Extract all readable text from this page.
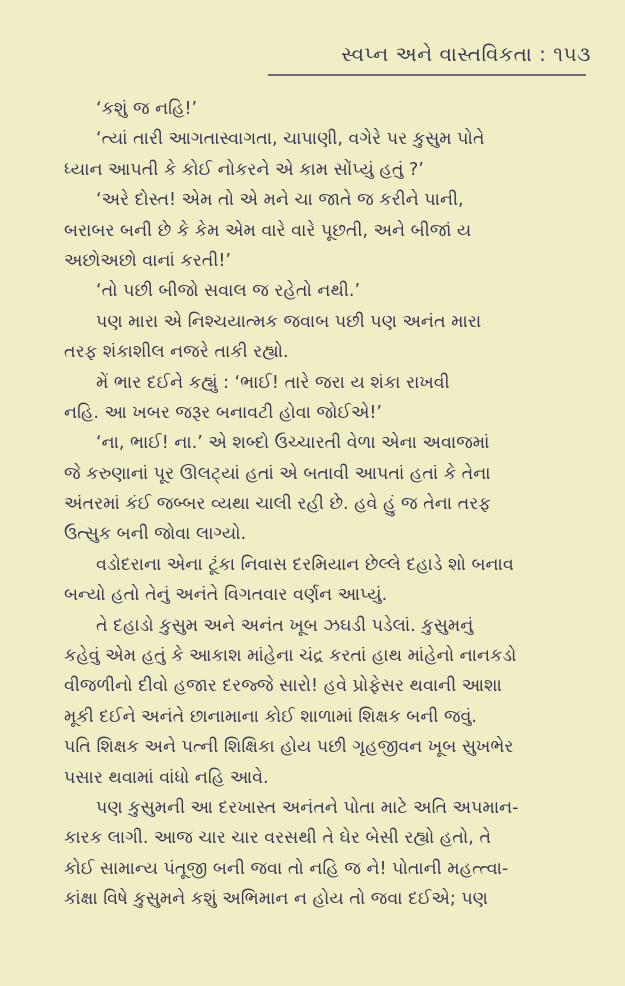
સ્વપ્ન અને વાસ્તવિકતા : ૧૫૩
‘કશું જ નહિ!’
‘ત્યાં તારી આગતાસ્વાગતા, ચાપાણી, વગેરે પર કુસુમ પોતે
ધ્યાન આપતી કે કોઈ નોકરને એ કામ સોંપ્યું હતું ?’
‘અરે દોસ્ત! એમ તો એ મને ચા જાતે જ કરીને પાની,
બરાબર બની છે કે કેમ એમ વારે વારે પૂછતી, અને બીજાં ય
અછોઅછો વાનાં કરતી!’
‘તો પછી બીજો સવાલ જ રહેતો નથી.’
પણ મારા એ નિશ્ચયાત્મક જવાબ પછી પણ અનંત મારા
તરફ શંકાશીલ નજરે તાકી રહ્યો.
મેં ભાર દઈને કહ્યું : ‘ભાઈ! તારે જરા ય શંકા રાખવી
નહિ. આ ખબર જરૂર બનાવટી હોવા જોઈએ!’
‘ના, ભાઈ! ના.’ એ શબ્દો ઉચ્ચારતી વેળા એના અવાજમાં
જે કરુણાનાં પૂર ઊલટ્યાં હતાં એ બતાવી આપતાં હતાં કે તેના
અંતરમાં કંઈ જબ્બર વ્યથા ચાલી રહી છે. હવે હું જ તેના તરફ
ઉત્સુક બની જોવા લાગ્યો.
વડોદરાના એના ટૂંકા નિવાસ દરમિયાન છેલ્લે દહાડે શો બનાવ
બન્યો હતો તેનું અનંતે વિગતવાર વર્ણન આપ્યું.
તે દહાડો કુસુમ અને અનંત ખૂબ ઝઘડી પડેલાં. કુસુમનું
કહેવું એમ હતું કે આકાશ માંહેના ચંદ્ર કરતાં હાથ માંહેનો નાનકડો
વીજળીનો દીવો હજાર દરજ્જે સારો! હવે પ્રોફેસર થવાની આશા
મૂકી દઈને અનંતે છાનામાના કોઈ શાળામાં શિક્ષક બની જવું.
પતિ શિક્ષક અને પત્ની શિક્ષિકા હોય પછી ગૃહજીવન ખૂબ સુખભેર
પસાર થવામાં વાંધો નહિ આવે.
પણ કુસુમની આ દરખાસ્ત અનંતને પોતા માટે અતિ અપમાન-
કારક લાગી. આજ ચાર ચાર વરસથી તે ઘેર બેસી રહ્યો હતો, તે
કોઈ સામાન્ય પંતૂજી બની જવા તો નહિ જ ને! પોતાની મહત્ત્વા-
કાંક્ષા વિષે કુસુમને કશું અભિમાન ન હોય તો જવા દઈએ; પણ
